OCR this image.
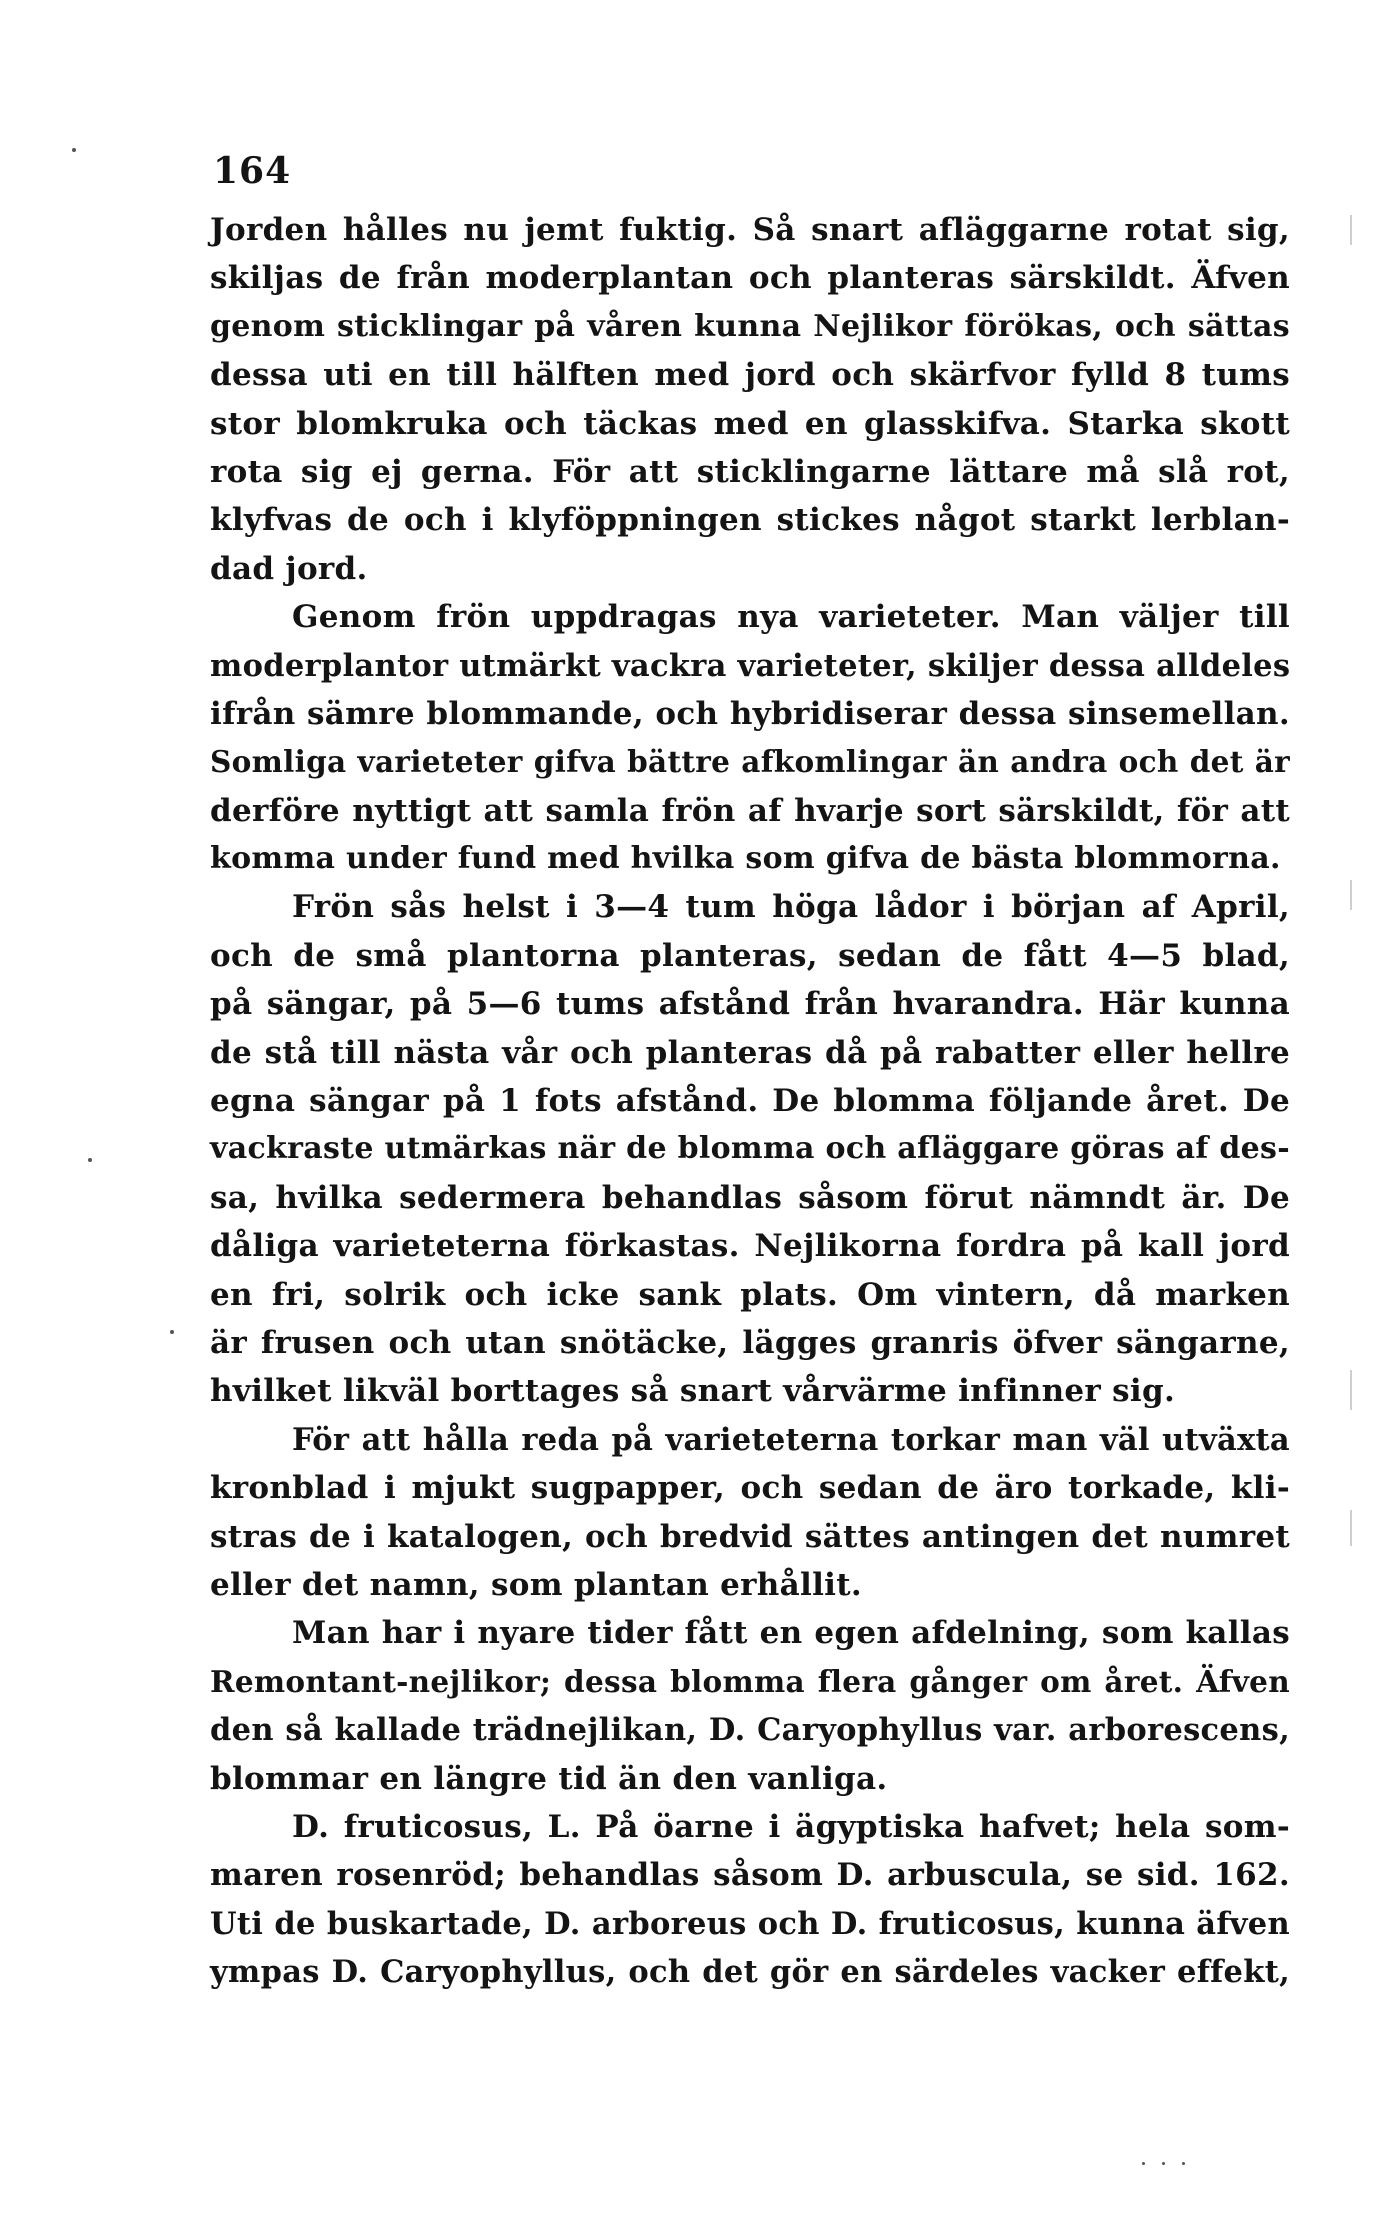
164
Jorden hålles nu jemt fuktig. Så snart afläggarne rotat sig,
skiljas de från moderplantan och planteras särskildt. Äfven
genom sticklingar på våren kunna Nejlikor förökas, och sättas
dessa uti en till hälften med jord och skärfvor fylld 8 tums
stor blomkruka och täckas med en glasskifva. Starka skott
rota sig ej gerna. För att sticklingarne lättare må slå rot,
klyfvas de och i klyföppningen stickes något starkt lerblan-
dad jord.
Genom frön uppdragas nya varieteter. Man väljer till
moderplantor utmärkt vackra varieteter, skiljer dessa alldeles
ifrån sämre blommande, och hybridiserar dessa sinsemellan.
Somliga varieteter gifva bättre afkomlingar än andra och det är
derföre nyttigt att samla frön af hvarje sort särskildt, för att
komma under fund med hvilka som gifva de bästa blommorna.
Frön sås helst i 3—4 tum höga lådor i början af April,
och de små plantorna planteras, sedan de fått 4—5 blad,
på sängar, på 5—6 tums afstånd från hvarandra. Här kunna
de stå till nästa vår och planteras då på rabatter eller hellre
egna sängar på 1 fots afstånd. De blomma följande året. De
vackraste utmärkas när de blomma och afläggare göras af des-
sa, hvilka sedermera behandlas såsom förut nämndt är. De
dåliga varieteterna förkastas. Nejlikorna fordra på kall jord
en fri, solrik och icke sank plats. Om vintern, då marken
är frusen och utan snötäcke, lägges granris öfver sängarne,
hvilket likväl borttages så snart vårvärme infinner sig.
För att hålla reda på varieteterna torkar man väl utväxta
kronblad i mjukt sugpapper, och sedan de äro torkade, kli-
stras de i katalogen, och bredvid sättes antingen det numret
eller det namn, som plantan erhållit.
Man har i nyare tider fått en egen afdelning, som kallas
Remontant-nejlikor; dessa blomma flera gånger om året. Äfven
den så kallade trädnejlikan, D. Caryophyllus var. arborescens,
blommar en längre tid än den vanliga.
D. fruticosus, L. På öarne i ägyptiska hafvet; hela som-
maren rosenröd; behandlas såsom D. arbuscula, se sid. 162.
Uti de buskartade, D. arboreus och D. fruticosus, kunna äfven
ympas D. Caryophyllus, och det gör en särdeles vacker effekt,
